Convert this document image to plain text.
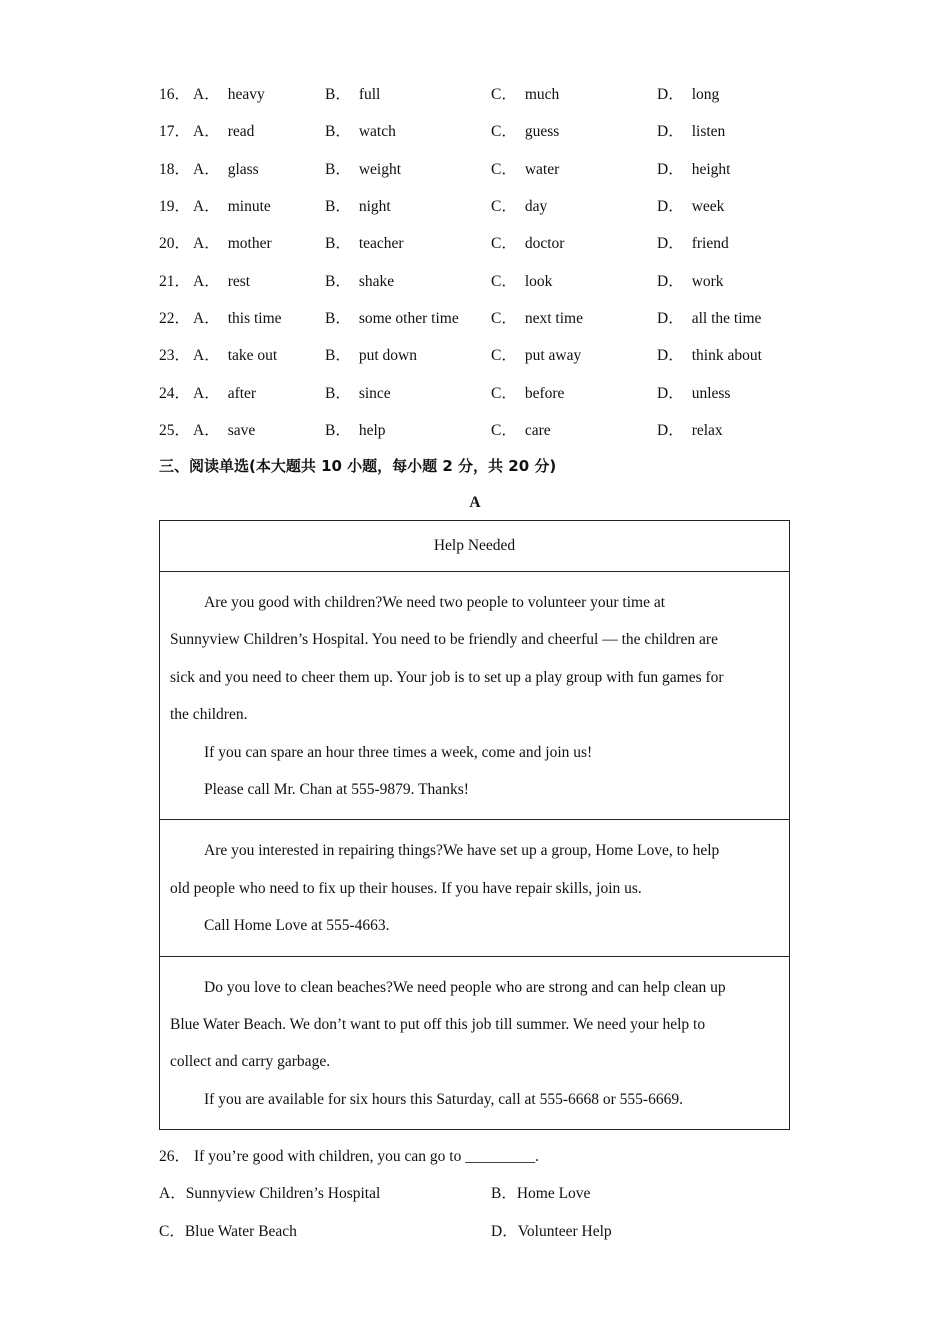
16． A． heavy	B． full	C． much	D． long
17． A． read	B． watch	C． guess	D． listen
18． A． glass	B． weight	C． water	D． height
19． A． minute	B． night	C． day	D． week
20． A． mother	B． teacher	C． doctor	D． friend
21． A． rest	B． shake	C． look	D． work
22． A． this time	B． some other time C． next time	D． all the time
23． A． take out	B． put down	C． put away	D． think about
24． A． after	B． since	C． before	D． unless
25． A． save	B． help	C． care	D． relax
三、阅读单选(本大题共 10 小题，每小题 2 分，共 20 分)
A
Help Needed

Are you good with children?We need two people to volunteer your time at

Sunnyview Children’s Hospital. You need to be friendly and cheerful — the children are

sick and you need to cheer them up. Your job is to set up a play group with fun games for

the children.

If you can spare an hour three times a week, come and join us!

Please call Mr. Chan at 555-9879. Thanks!

Are you interested in repairing things?We have set up a group, Home Love, to help

old people who need to fix up their houses. If you have repair skills, join us.

Call Home Love at 555-4663.

Do you love to clean beaches?We need people who are strong and can help clean up

Blue Water Beach. We don’t want to put off this job till summer. We need your help to

collect and carry garbage.

If you are available for six hours this Saturday, call at 555-6668 or 555-6669.

26． If you’re good with children, you can go to _________.
A．Sunnyview Children’s Hospital	B．Home Love
C．Blue Water Beach	D．Volunteer Help
